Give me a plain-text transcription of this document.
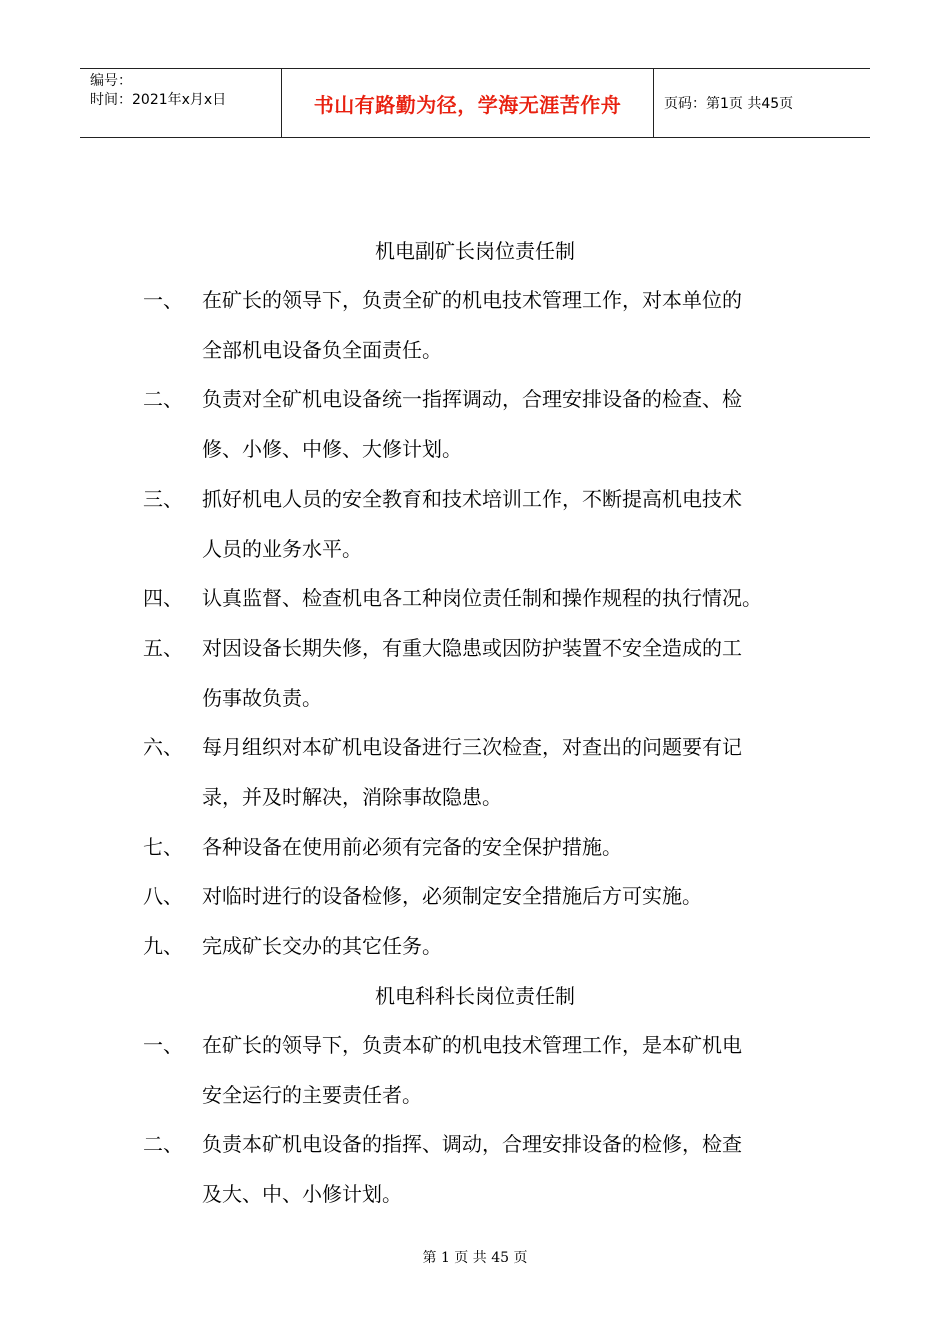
编号：
时间：2021年x月x日	书山有路勤为径，学海无涯苦作舟	页码：第1页 共45页
机电副矿长岗位责任制
一、 在矿长的领导下，负责全矿的机电技术管理工作，对本单位的
全部机电设备负全面责任。
二、 负责对全矿机电设备统一指挥调动，合理安排设备的检查、检
修、小修、中修、大修计划。
三、 抓好机电人员的安全教育和技术培训工作，不断提高机电技术
人员的业务水平。
四、 认真监督、检查机电各工种岗位责任制和操作规程的执行情况。
五、 对因设备长期失修，有重大隐患或因防护装置不安全造成的工
伤事故负责。
六、 每月组织对本矿机电设备进行三次检查，对查出的问题要有记
录，并及时解决，消除事故隐患。
七、 各种设备在使用前必须有完备的安全保护措施。
八、 对临时进行的设备检修，必须制定安全措施后方可实施。
九、 完成矿长交办的其它任务。
机电科科长岗位责任制
一、 在矿长的领导下，负责本矿的机电技术管理工作，是本矿机电
安全运行的主要责任者。
二、 负责本矿机电设备的指挥、调动，合理安排设备的检修，检查
及大、中、小修计划。
第 1 页 共 45 页
